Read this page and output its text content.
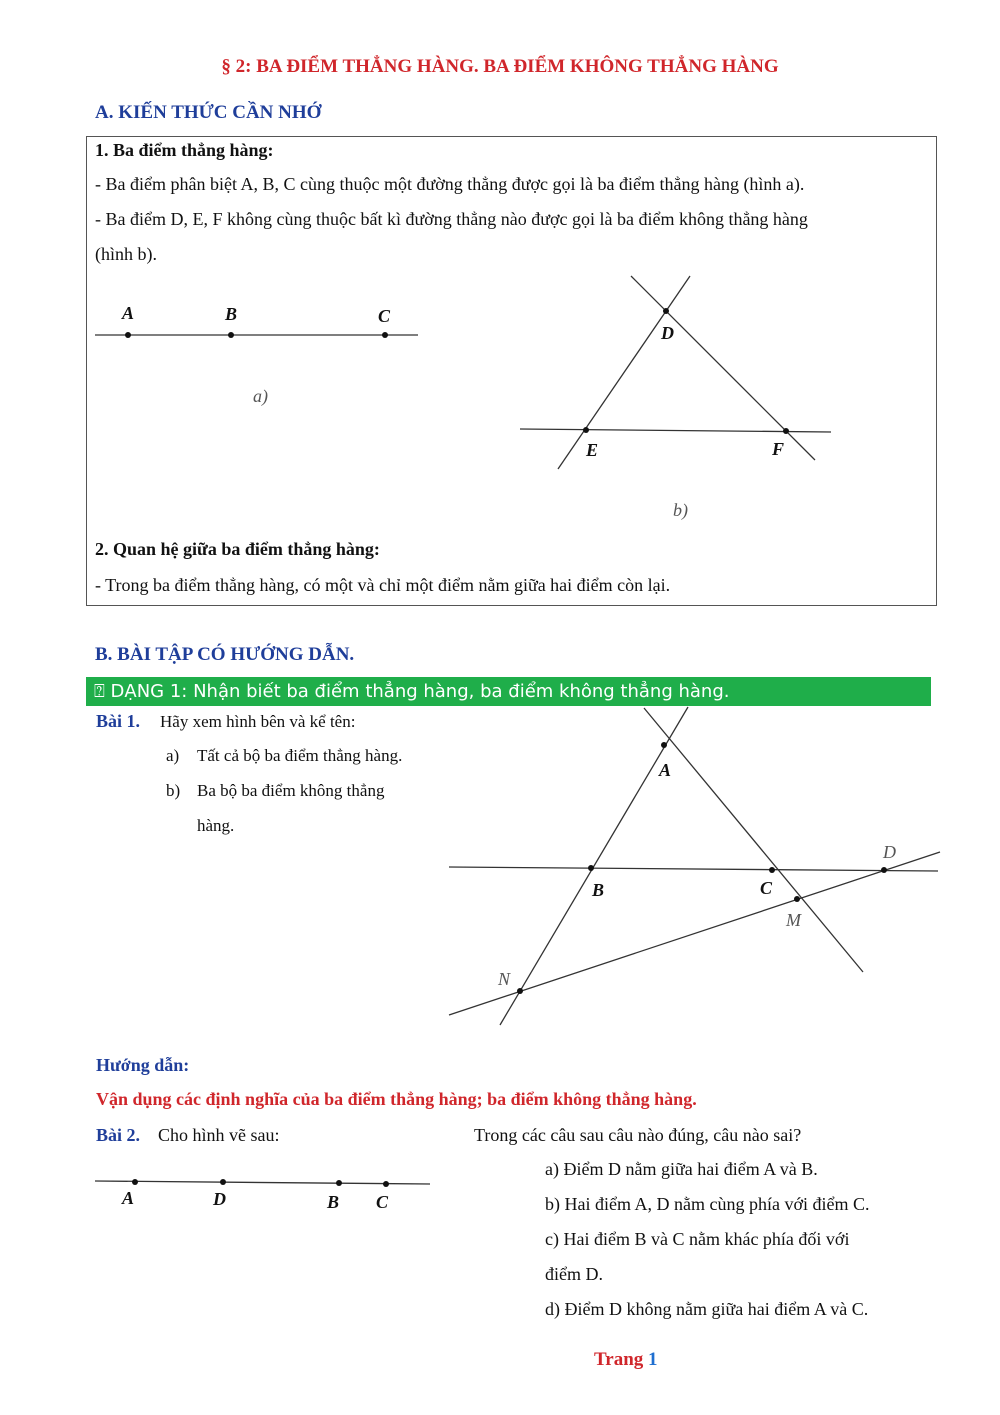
§ 2: BA ĐIỂM THẲNG HÀNG. BA ĐIỂM KHÔNG THẲNG HÀNG
A. KIẾN THỨC CẦN NHỚ
1. Ba điểm thẳng hàng:
- Ba điểm phân biệt A, B, C cùng thuộc một đường thẳng được gọi là ba điểm thẳng hàng (hình a).
- Ba điểm D, E, F không cùng thuộc bất kì đường thẳng nào được gọi là ba điểm không thẳng hàng
(hình b).
A	B	C
a)
D
E	F
b)
2. Quan hệ giữa ba điểm thẳng hàng:
- Trong ba điểm thẳng hàng, có một và chỉ một điểm nằm giữa hai điểm còn lại.
B. BÀI TẬP CÓ HƯỚNG DẪN.
⍰ DẠNG 1: Nhận biết ba điểm thẳng hàng, ba điểm không thẳng hàng.
Bài 1. Hãy xem hình bên và kể tên:
a) Tất cả bộ ba điểm thẳng hàng.
b) Ba bộ ba điểm không thẳng
hàng.
A
B	C
D
M
N
Hướng dẫn:
Vận dụng các định nghĩa của ba điểm thẳng hàng; ba điểm không thẳng hàng.
Bài 2. Cho hình vẽ sau:	Trong các câu sau câu nào đúng, câu nào sai?
A	D	B C
a) Điểm D nằm giữa hai điểm A và B.
b) Hai điểm A, D nằm cùng phía với điểm C.
c) Hai điểm B và C nằm khác phía đối với
điểm D.
d) Điểm D không nằm giữa hai điểm A và C.
Trang 1
